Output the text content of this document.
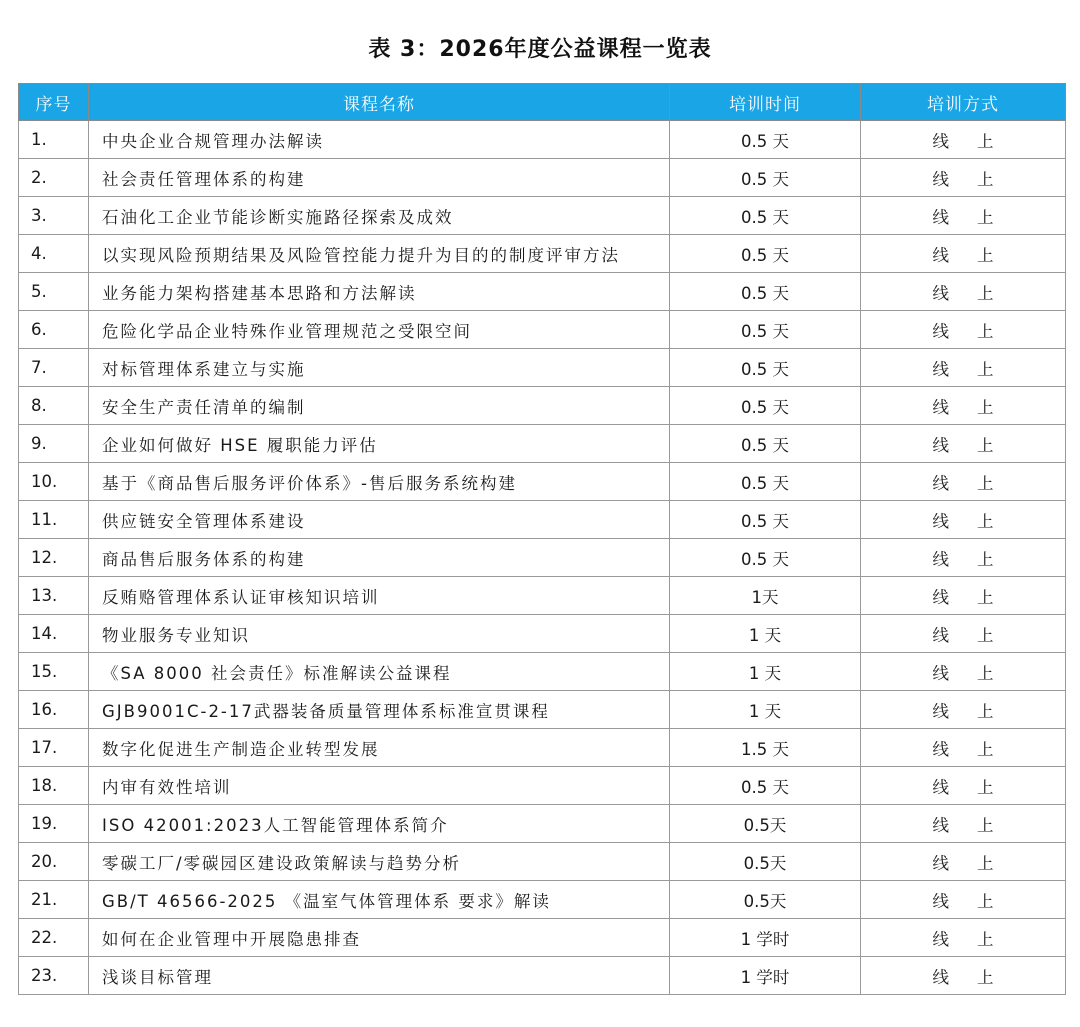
表 3：2026年度公益课程一览表
序号	课程名称	培训时间	培训方式
1.	中央企业合规管理办法解读	0.5 天	线上
2.	社会责任管理体系的构建	0.5 天	线上
3.	石油化工企业节能诊断实施路径探索及成效	0.5 天	线上
4.	以实现风险预期结果及风险管控能力提升为目的的制度评审方法	0.5 天	线上
5.	业务能力架构搭建基本思路和方法解读	0.5 天	线上
6.	危险化学品企业特殊作业管理规范之受限空间	0.5 天	线上
7.	对标管理体系建立与实施	0.5 天	线上
8.	安全生产责任清单的编制	0.5 天	线上
9.	企业如何做好 HSE 履职能力评估	0.5 天	线上
10.	基于《商品售后服务评价体系》-售后服务系统构建	0.5 天	线上
11.	供应链安全管理体系建设	0.5 天	线上
12.	商品售后服务体系的构建	0.5 天	线上
13.	反贿赂管理体系认证审核知识培训	1天	线上
14.	物业服务专业知识	1 天	线上
15.	《SA 8000 社会责任》标准解读公益课程	1 天	线上
16.	GJB9001C-2-17武器装备质量管理体系标准宣贯课程	1 天	线上
17.	数字化促进生产制造企业转型发展	1.5 天	线上
18.	内审有效性培训	0.5 天	线上
19.	ISO 42001:2023人工智能管理体系简介	0.5天	线上
20.	零碳工厂/零碳园区建设政策解读与趋势分析	0.5天	线上
21.	GB/T 46566-2025 《温室气体管理体系 要求》解读	0.5天	线上
22.	如何在企业管理中开展隐患排查	1 学时	线上
23.	浅谈目标管理	1 学时	线上
